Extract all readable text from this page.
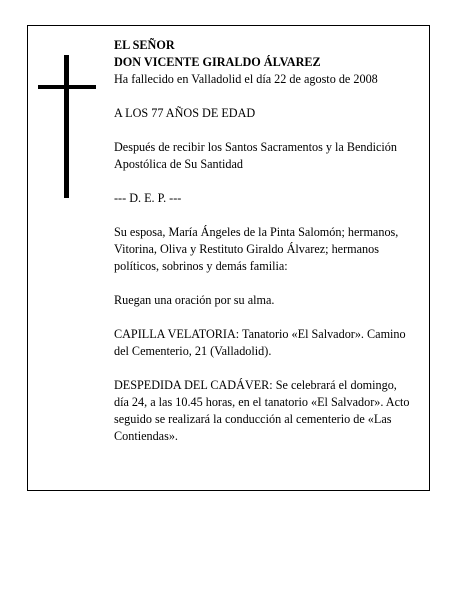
EL SEÑOR

DON VICENTE GIRALDO ÁLVAREZ

Ha fallecido en Valladolid el día 22 de agosto de 2008

A LOS 77 AÑOS DE EDAD

Después de recibir los Santos Sacramentos y la Bendición Apostólica de Su Santidad

--- D. E. P. ---

Su esposa, María Ángeles de la Pinta Salomón; hermanos, Vitorina, Oliva y Restituto Giraldo Álvarez; hermanos políticos, sobrinos y demás familia:

Ruegan una oración por su alma.

CAPILLA VELATORIA: Tanatorio «El Salvador». Camino del Cementerio, 21 (Valladolid).

DESPEDIDA DEL CADÁVER: Se celebrará el domingo, día 24, a las 10.45 horas, en el tanatorio «El Salvador». Acto seguido se realizará la conducción al cementerio de «Las Contiendas».
